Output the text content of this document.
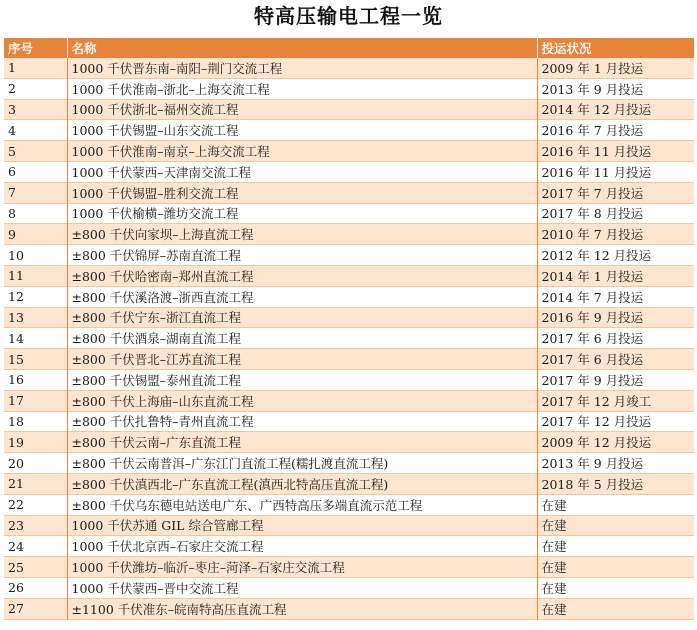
特高压输电工程一览
序号	名称	投运状况
1	1000 千伏晋东南–南阳–荆门交流工程	2009 年 1 月投运
2	1000 千伏淮南–浙北–上海交流工程	2013 年 9 月投运
3	1000 千伏浙北–福州交流工程	2014 年 12 月投运
4	1000 千伏锡盟–山东交流工程	2016 年 7 月投运
5	1000 千伏淮南–南京–上海交流工程	2016 年 11 月投运
6	1000 千伏蒙西–天津南交流工程	2016 年 11 月投运
7	1000 千伏锡盟–胜利交流工程	2017 年 7 月投运
8	1000 千伏榆横–潍坊交流工程	2017 年 8 月投运
9	±800 千伏向家坝–上海直流工程	2010 年 7 月投运
10	±800 千伏锦屏–苏南直流工程	2012 年 12 月投运
11	±800 千伏哈密南–郑州直流工程	2014 年 1 月投运
12	±800 千伏溪洛渡–浙西直流工程	2014 年 7 月投运
13	±800 千伏宁东–浙江直流工程	2016 年 9 月投运
14	±800 千伏酒泉–湖南直流工程	2017 年 6 月投运
15	±800 千伏晋北–江苏直流工程	2017 年 6 月投运
16	±800 千伏锡盟–泰州直流工程	2017 年 9 月投运
17	±800 千伏上海庙–山东直流工程	2017 年 12 月竣工
18	±800 千伏扎鲁特–青州直流工程	2017 年 12 月投运
19	±800 千伏云南–广东直流工程	2009 年 12 月投运
20	±800 千伏云南普洱–广东江门直流工程(糯扎渡直流工程)	2013 年 9 月投运
21	±800 千伏滇西北–广东直流工程(滇西北特高压直流工程)	2018 年 5 月投运
22	±800 千伏乌东德电站送电广东、广西特高压多端直流示范工程	在建
23	1000 千伏苏通 GIL 综合管廊工程	在建
24	1000 千伏北京西–石家庄交流工程	在建
25	1000 千伏潍坊–临沂–枣庄–菏泽–石家庄交流工程	在建
26	1000 千伏蒙西–晋中交流工程	在建
27	±1100 千伏准东–皖南特高压直流工程	在建
